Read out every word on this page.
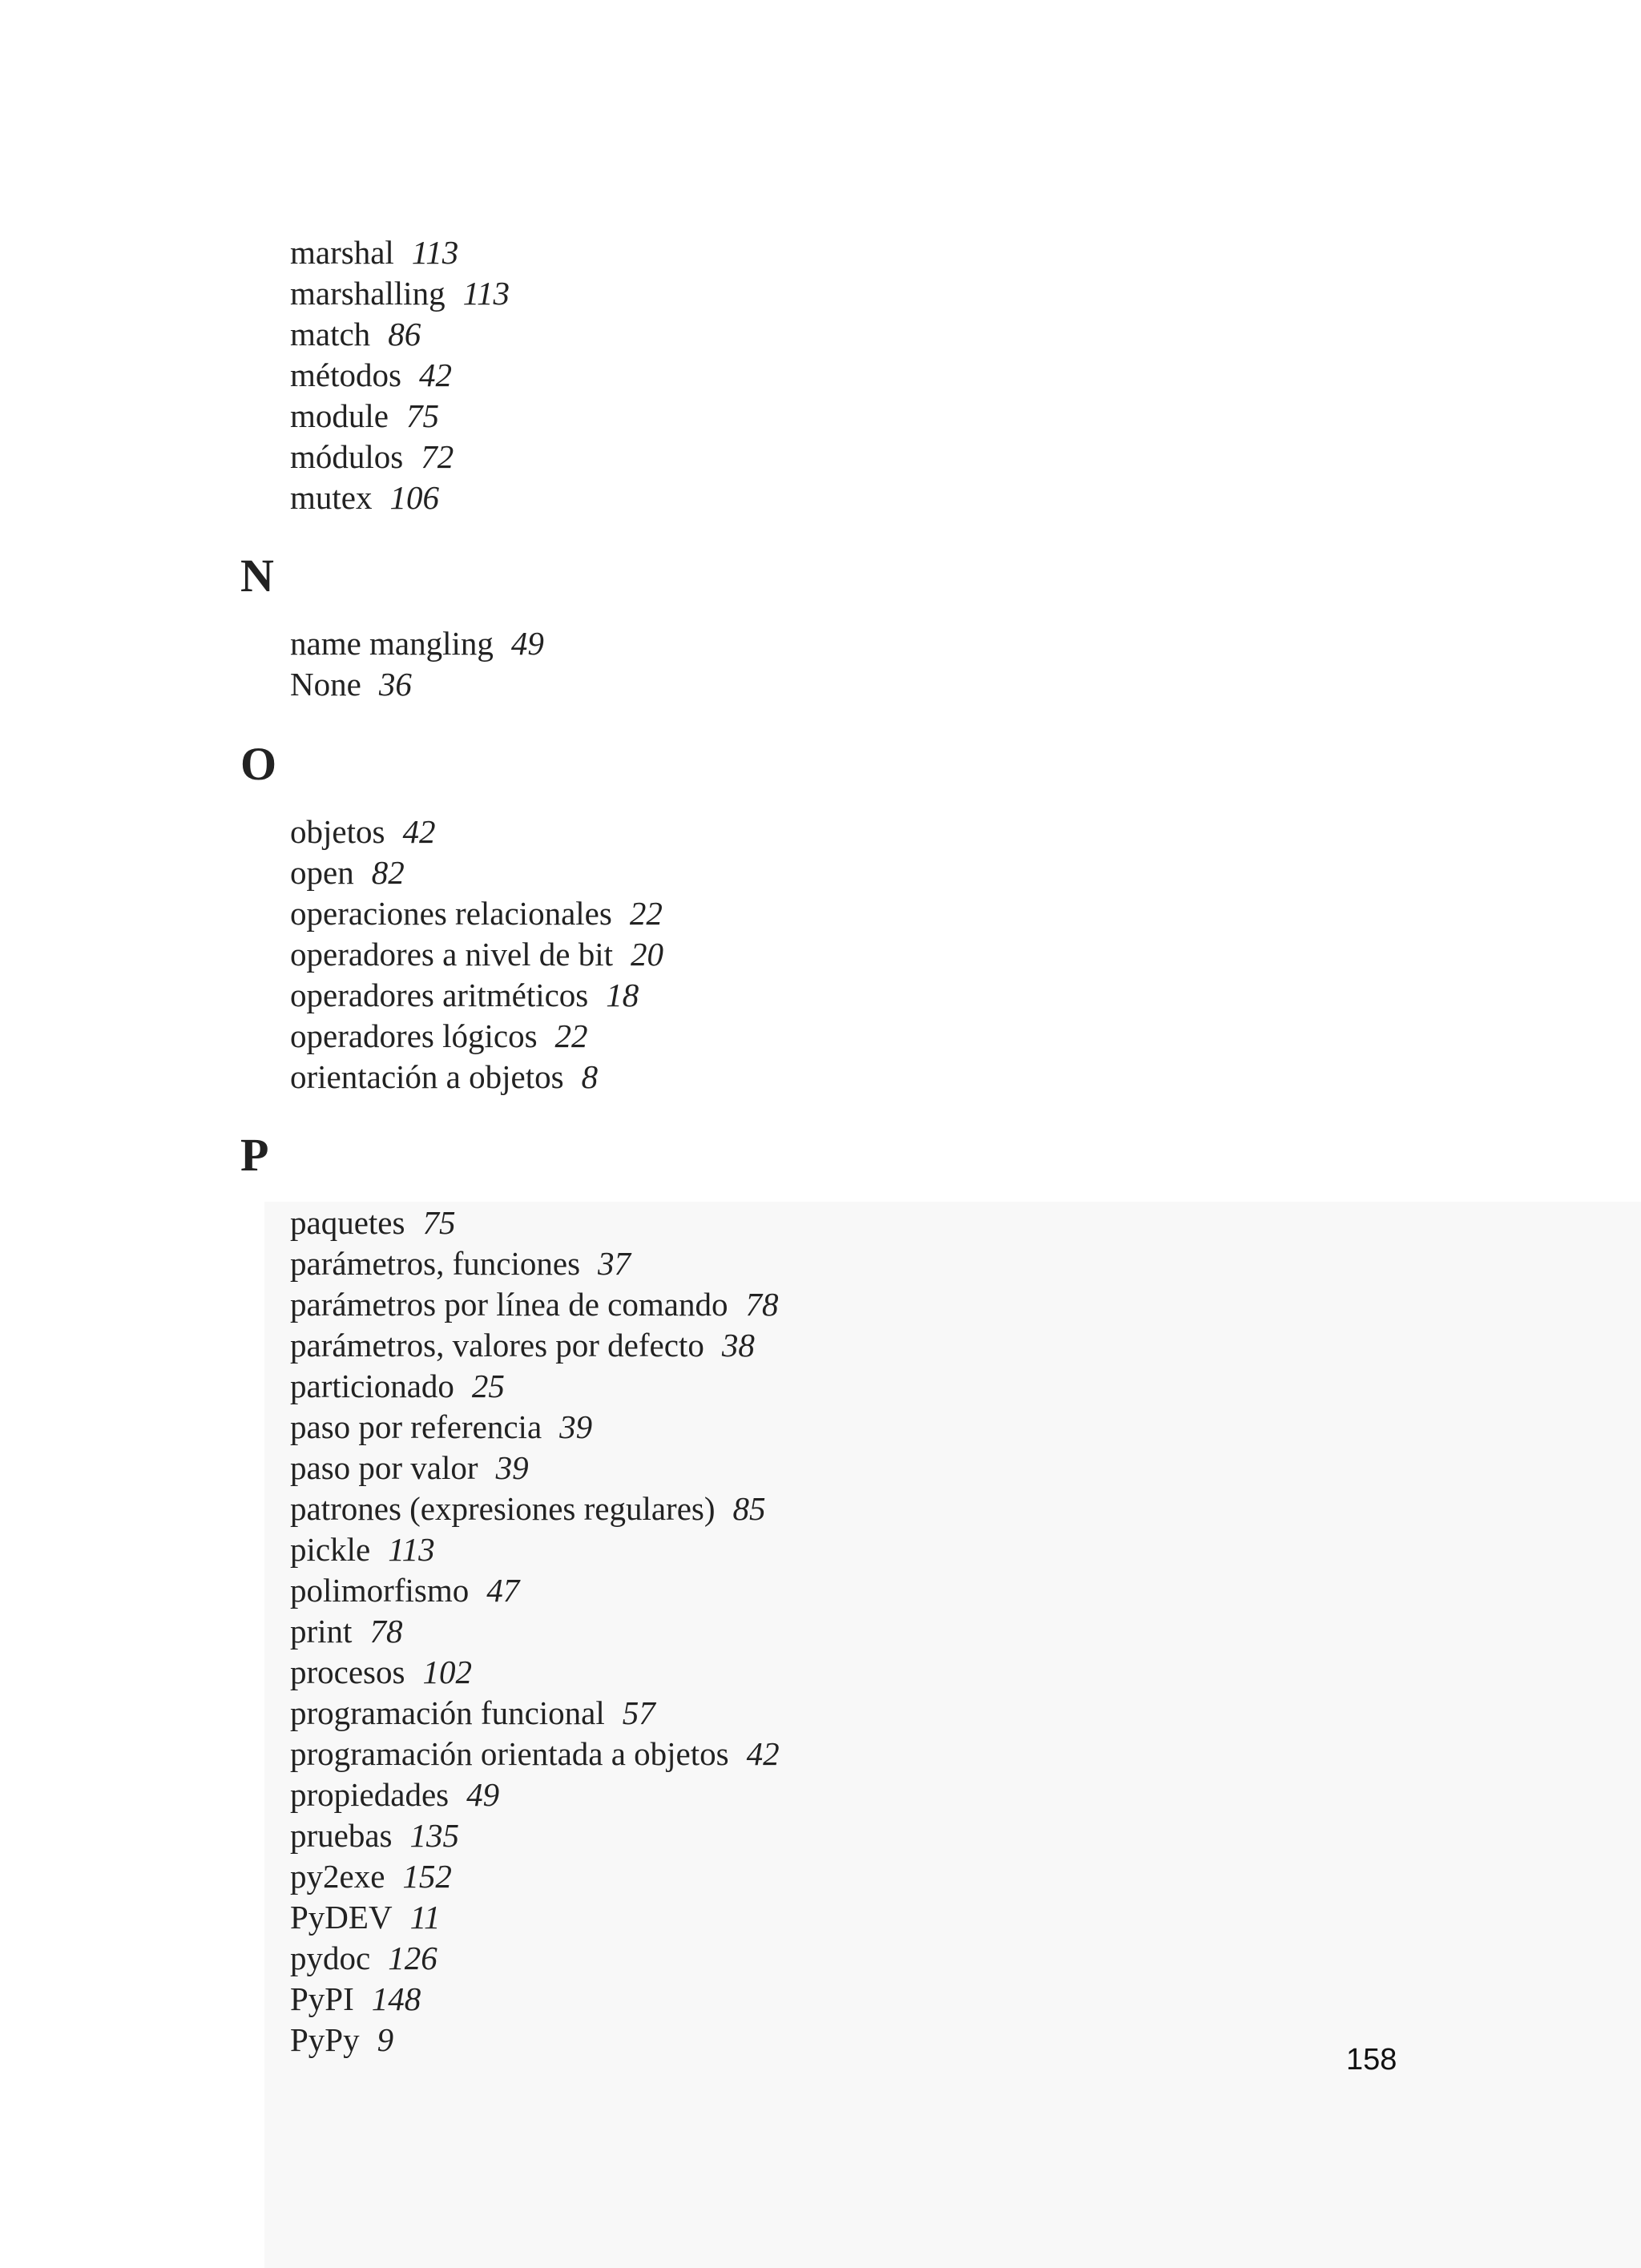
marshal 113
marshalling 113
match 86
métodos 42
module 75
módulos 72
mutex 106
N
name mangling 49
None 36
O
objetos 42
open 82
operaciones relacionales 22
operadores a nivel de bit 20
operadores aritméticos 18
operadores lógicos 22
orientación a objetos 8
P
paquetes 75
parámetros, funciones 37
parámetros por línea de comando 78
parámetros, valores por defecto 38
particionado 25
paso por referencia 39
paso por valor 39
patrones (expresiones regulares) 85
pickle 113
polimorfismo 47
print 78
procesos 102
programación funcional 57
programación orientada a objetos 42
propiedades 49
pruebas 135
py2exe 152
PyDEV 11
pydoc 126
PyPI 148
PyPy 9
158
